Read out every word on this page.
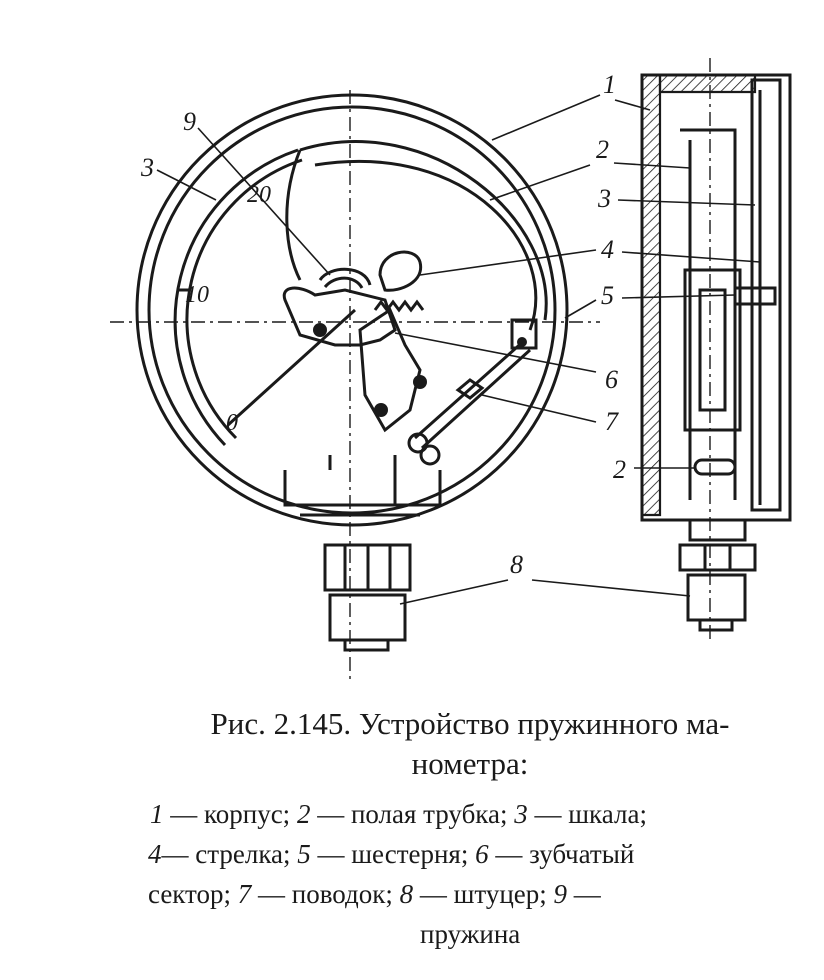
1
2
3
4
5
6
7
2
8
9
3
20
10
0
Рис. 2.145. Устройство пружинного ма-
нометра:
1 — корпус; 2 — полая трубка; 3 — шкала;
4— стрелка; 5 — шестерня; 6 — зубчатый
сектор; 7 — поводок; 8 — штуцер; 9 —
пружина
